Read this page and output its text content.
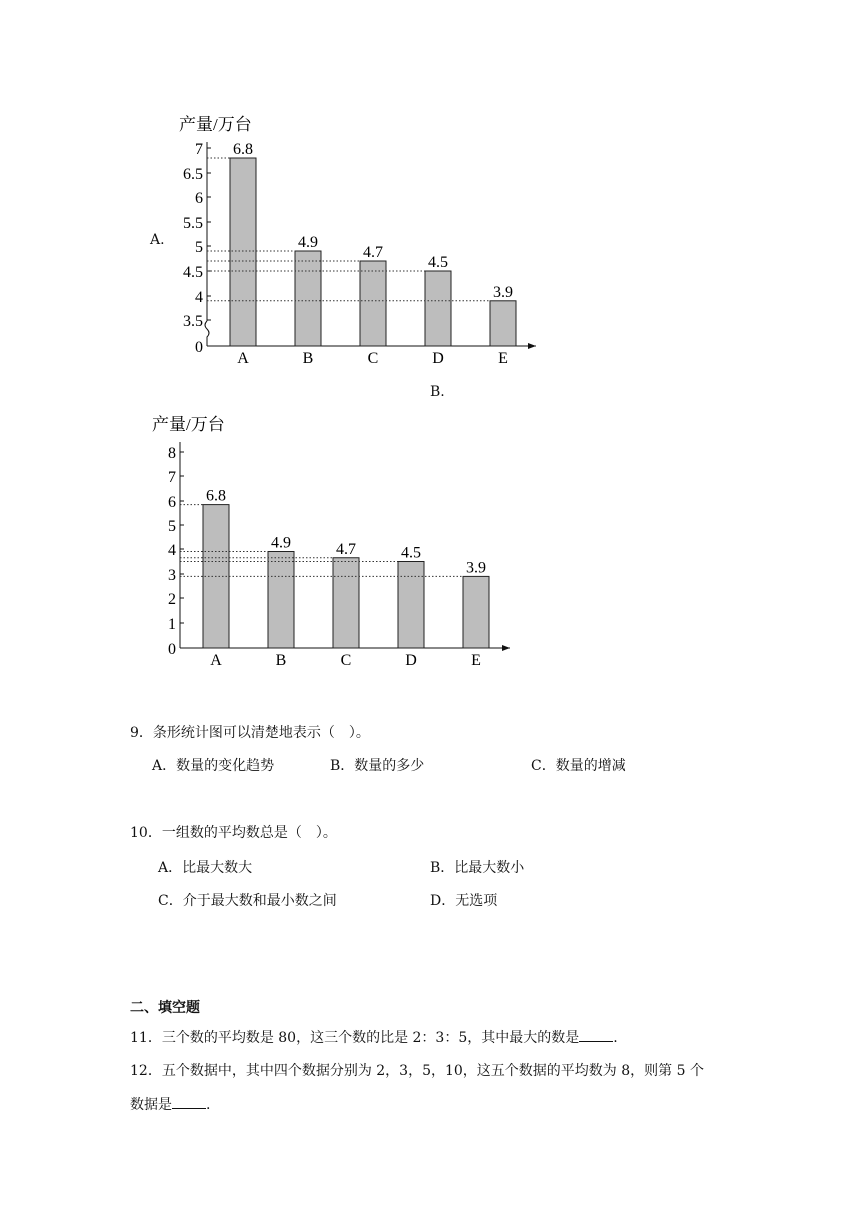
A.
产量/万台
0
3.5
4
4.5
5
5.5
6
6.5
7 6.8
A
4.9
B
4.7
C
4.5
D
3.9
E
B.
产量/万台
0
1
2
3
4
5
6
7
8
6.8
A
4.9
B
4.7
C
4.5
D
3.9
E
9．条形统计图可以清楚地表示（　）。
A．数量的变化趋势	B．数量的多少	C．数量的增减
10．一组数的平均数总是（　）。
A．比最大数大	B．比最大数小
C．介于最大数和最小数之间	D．无选项
二、填空题
11．三个数的平均数是 80，这三个数的比是 2：3：5，其中最大的数是 .
12．五个数据中，其中四个数据分别为 2，3，5，10，这五个数据的平均数为 8，则第 5 个
数据是 .
